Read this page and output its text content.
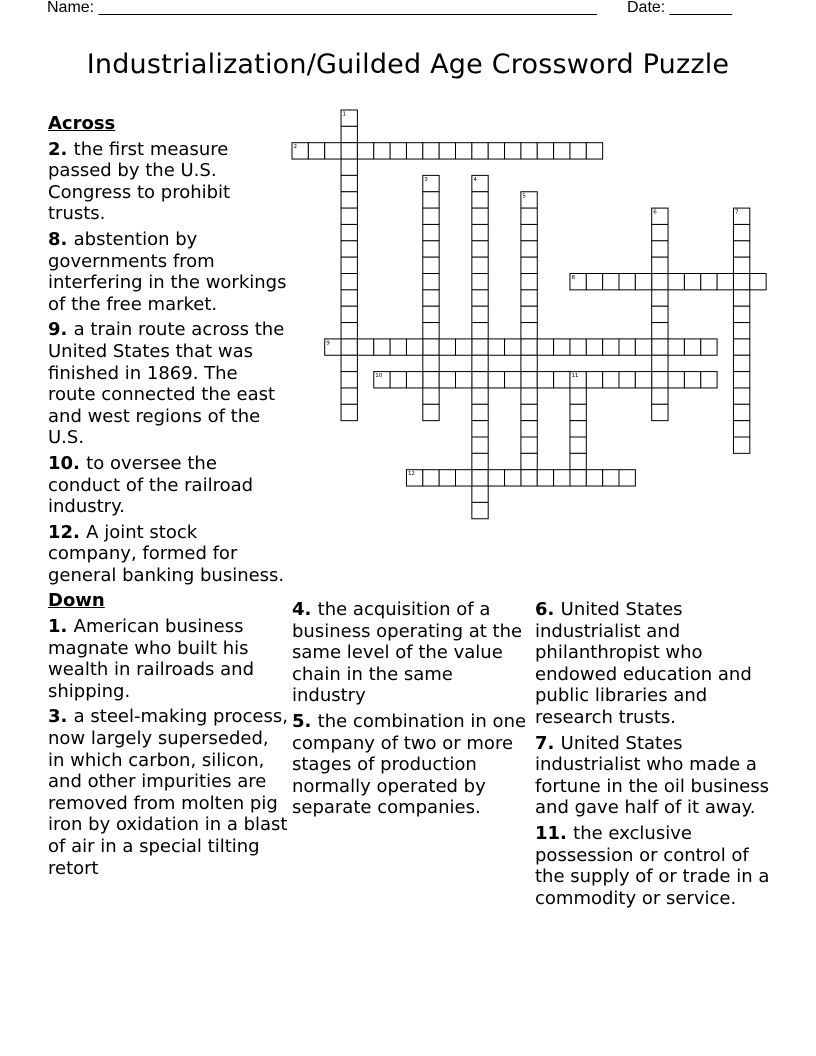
Name: ________________________________________________________ Date: _______
Industrialization/Guilded Age Crossword Puzzle
Across
2. the first measure passed by the U.S. Congress to prohibit trusts.
8. abstention by governments from interfering in the workings of the free market.
9. a train route across the United States that was finished in 1869. The route connected the east and west regions of the U.S.
10. to oversee the conduct of the railroad industry.
12. A joint stock company, formed for general banking business.
Down
1. American business magnate who built his wealth in railroads and shipping.
3. a steel-making process, now largely superseded, in which carbon, silicon, and other impurities are removed from molten pig iron by oxidation in a blast of air in a special tilting retort
4. the acquisition of a business operating at the same level of the value chain in the same industry
5. the combination in one company of two or more stages of production normally operated by separate companies.
6. United States industrialist and philanthropist who endowed education and public libraries and research trusts.
7. United States industrialist who made a fortune in the oil business and gave half of it away.
11. the exclusive possession or control of the supply of or trade in a commodity or service.
1
2
3	4
5
6	7
8
9
10	11
12
